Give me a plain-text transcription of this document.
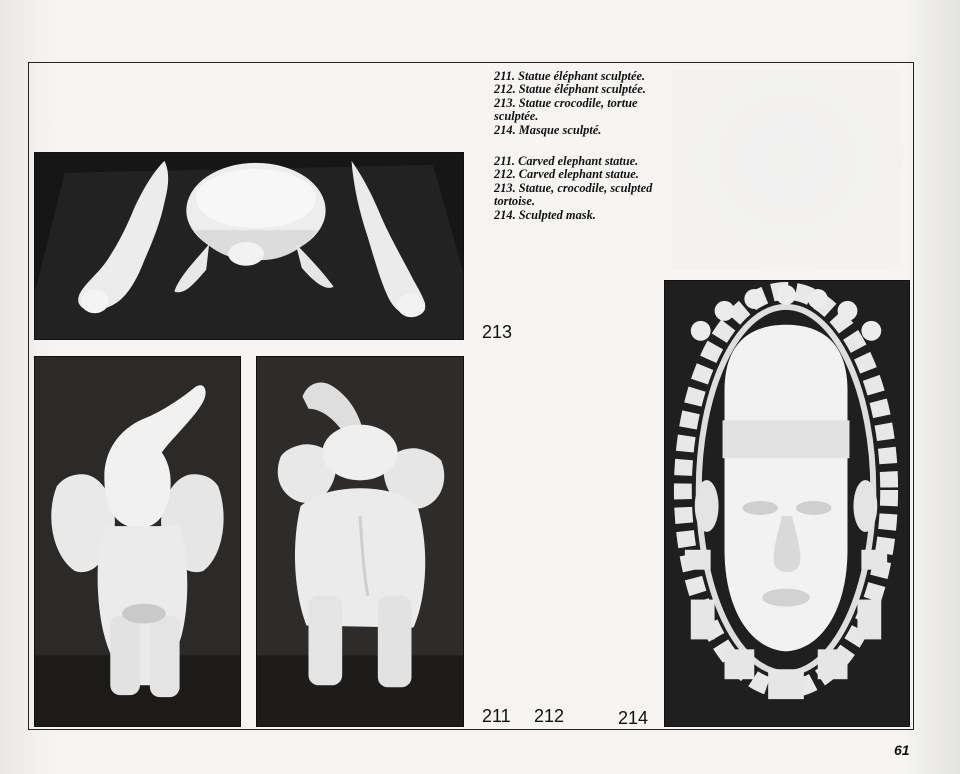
211. Statue éléphant sculptée.

212. Statue éléphant sculptée.

213. Statue crocodile, tortue sculptée.

214. Masque sculpté.

211. Carved elephant statue.

212. Carved elephant statue.

213. Statue, crocodile, sculpted tortoise.

214. Sculpted mask.

213
211 212	214
61
